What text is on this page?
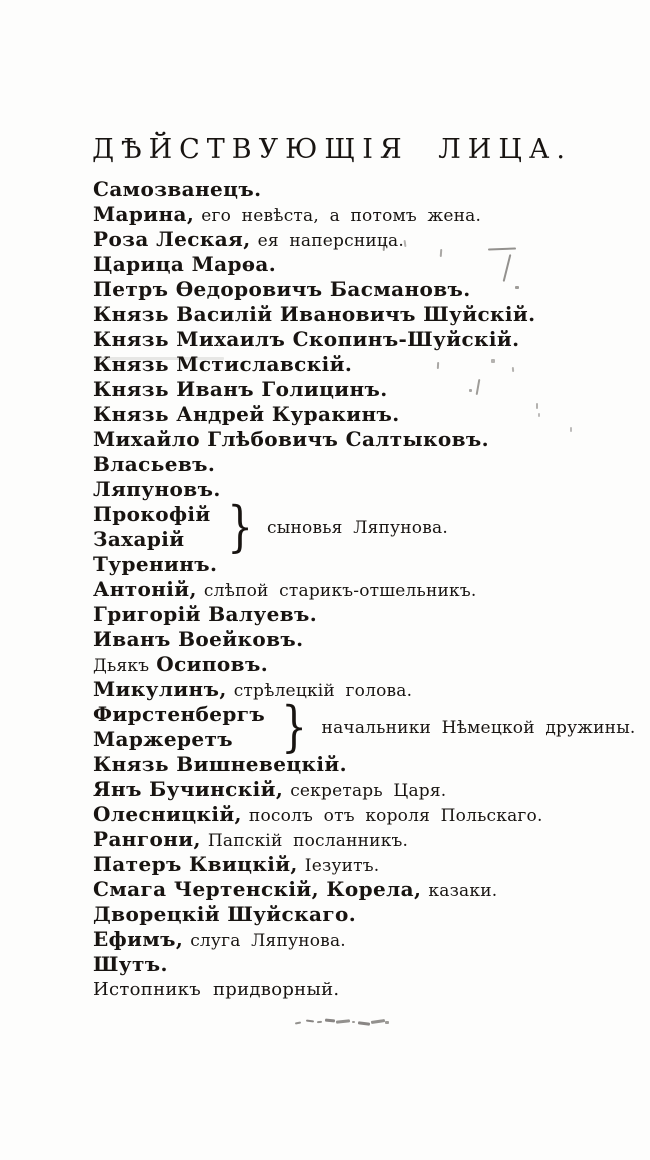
ДѢЙСТВУЮЩІЯ ЛИЦА.
Самозванецъ.
Марина, его невѣста, а потомъ жена.
Роза Леская, ея наперсница.
Царица Марѳа.
Петръ Ѳедоровичъ Басмановъ.
Князь Василій Ивановичъ Шуйскій.
Князь Михаилъ Скопинъ-Шуйскій.
Князь Мстиславскій.
Князь Иванъ Голицинъ.
Князь Андрей Куракинъ.
Михайло Глѣбовичъ Салтыковъ.
Власьевъ.
Ляпуновъ.
Прокофій
Захарій } сыновья Ляпунова.
Туренинъ.
Антоній, слѣпой старикъ-отшельникъ.
Григорій Валуевъ.
Иванъ Воейковъ.
Дьякъ Осиповъ.
Микулинъ, стрѣлецкій голова.
Фирстенбергъ
Маржеретъ } начальники Нѣмецкой дружины.
Князь Вишневецкій.
Янъ Бучинскій, секретарь Царя.
Олесницкій, посолъ отъ короля Польскаго.
Рангони, Папскій посланникъ.
Патеръ Квицкій, Іезуитъ.
Смага Чертенскій, Корела, казаки.
Дворецкій Шуйскаго.
Ефимъ, слуга Ляпунова.
Шутъ.
Истопникъ придворный.
